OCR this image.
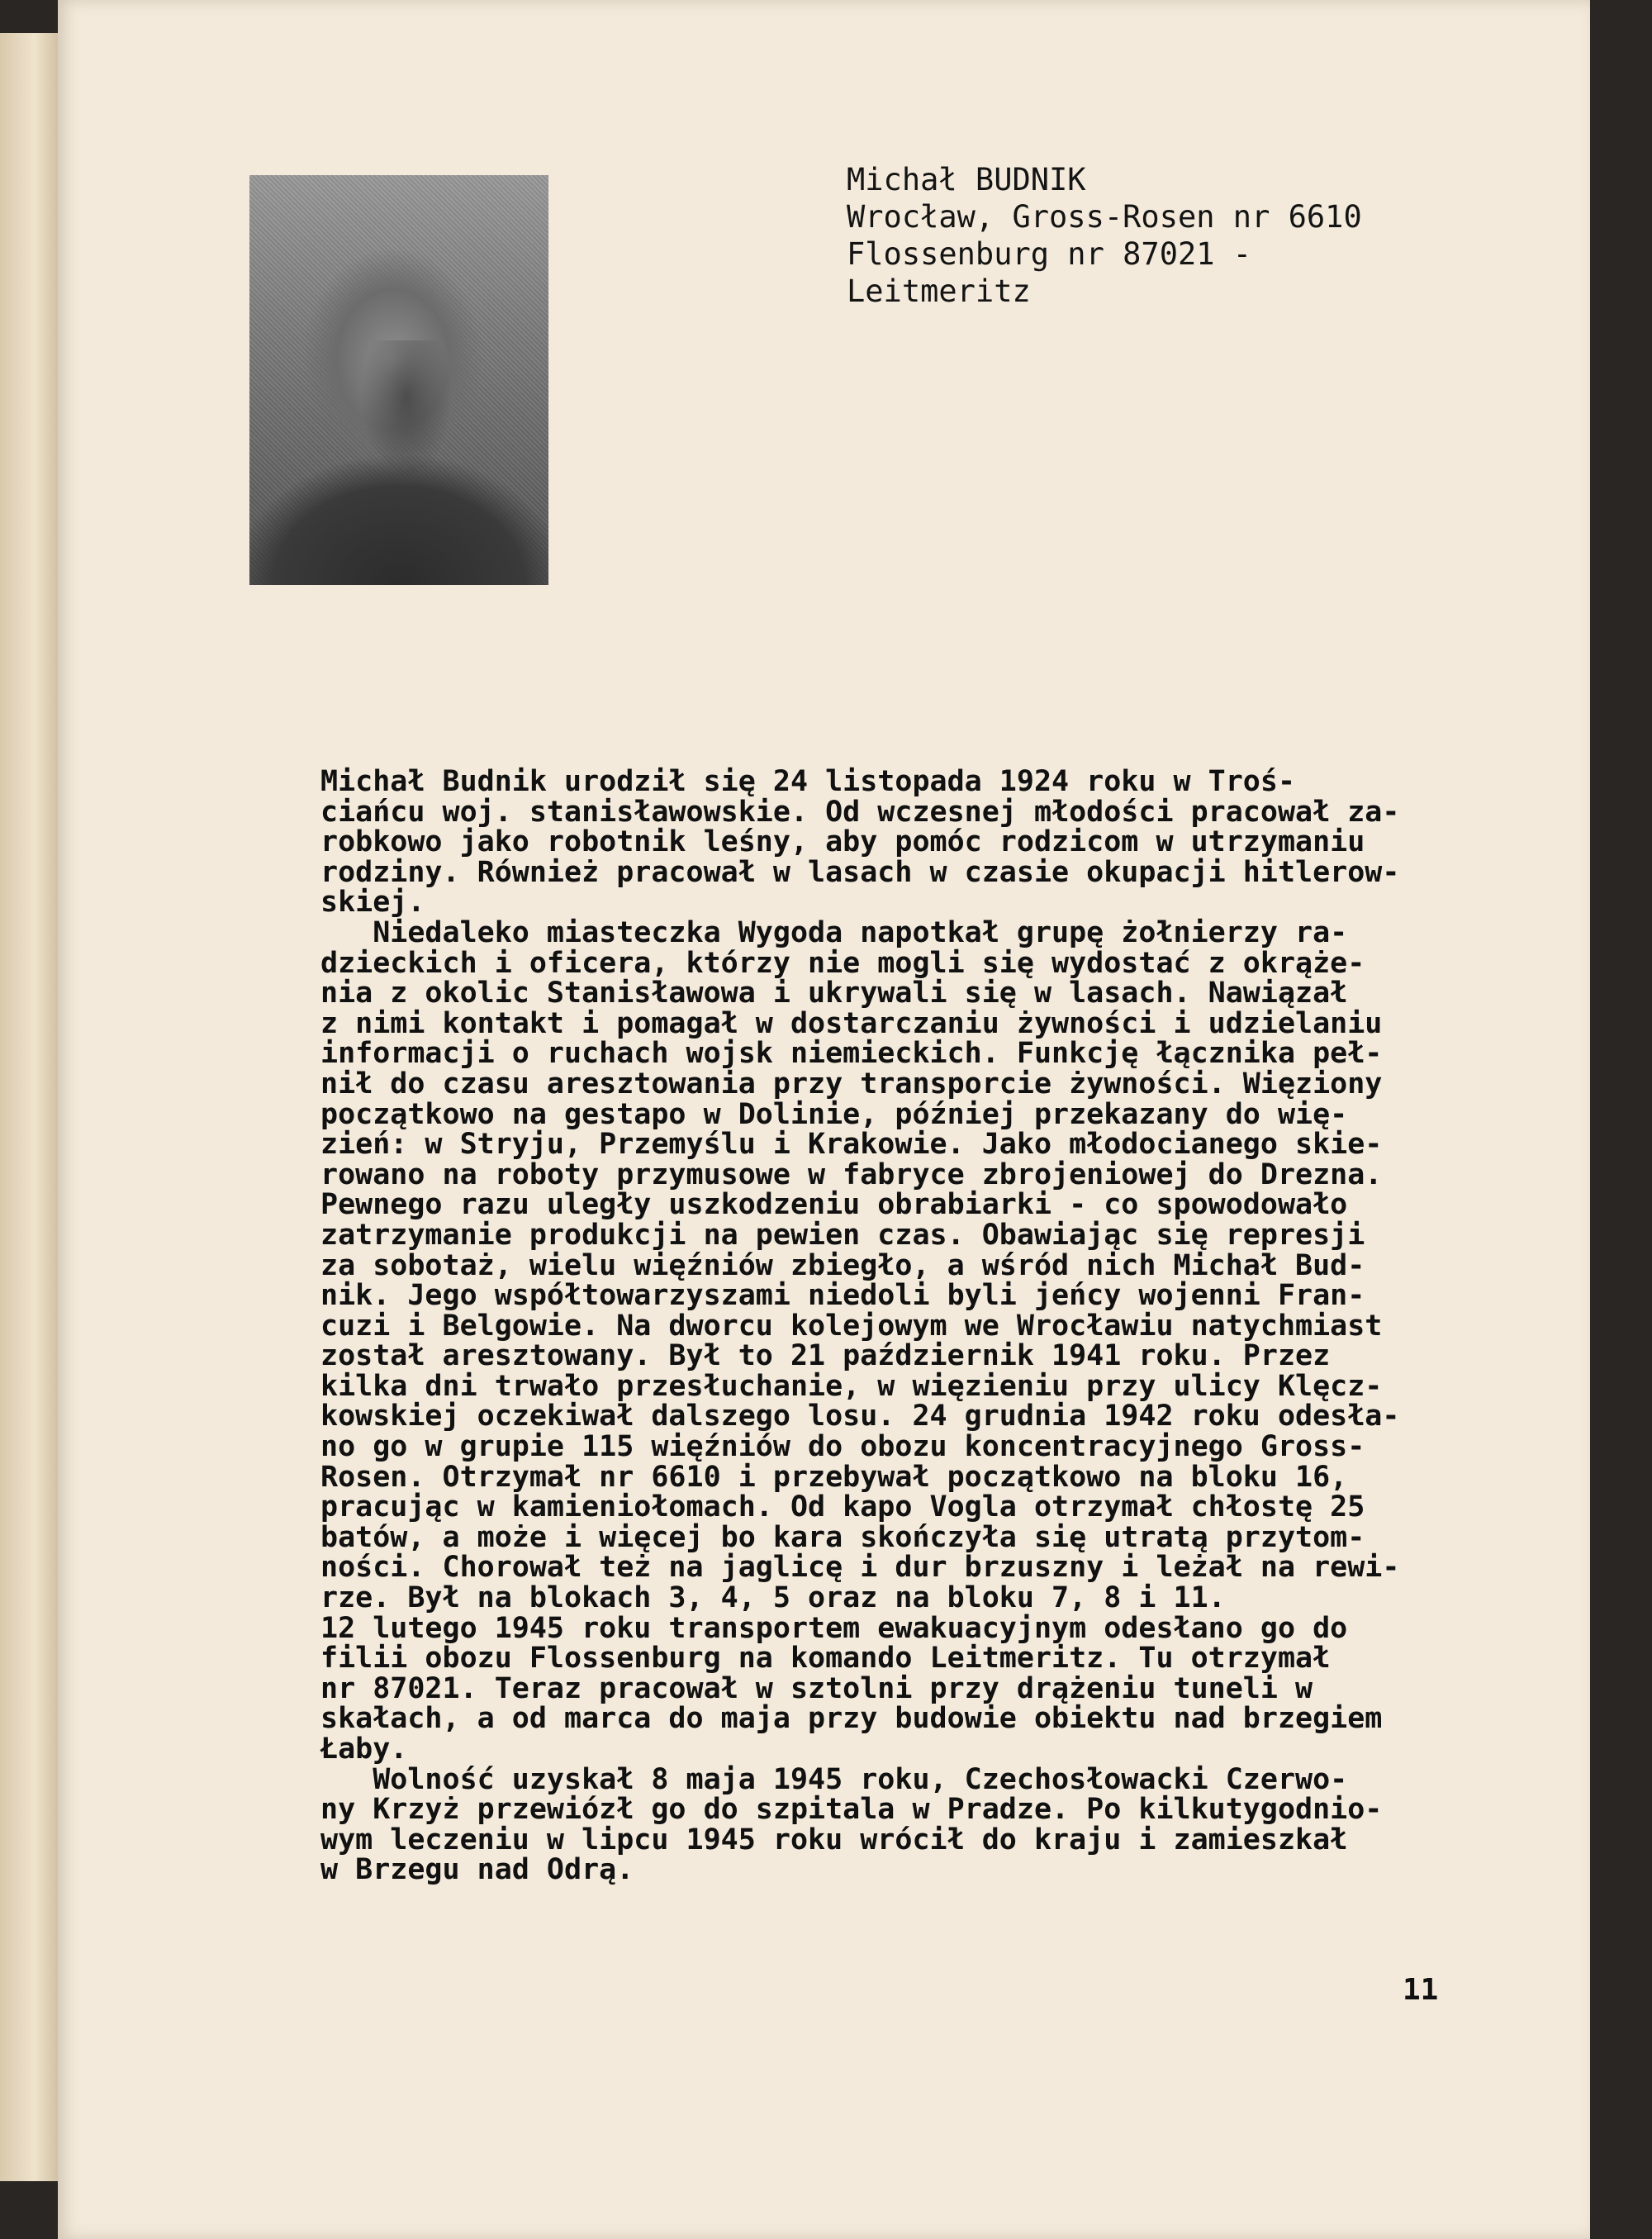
Michał BUDNIK
Wrocław, Gross-Rosen nr 6610
Flossenburg nr 87021 -
Leitmeritz
Michał Budnik urodził się 24 listopada 1924 roku w Troś-
ciańcu woj. stanisławowskie. Od wczesnej młodości pracował za-
robkowo jako robotnik leśny, aby pomóc rodzicom w utrzymaniu
rodziny. Również pracował w lasach w czasie okupacji hitlerow-
skiej.
Niedaleko miasteczka Wygoda napotkał grupę żołnierzy ra-
dzieckich i oficera, którzy nie mogli się wydostać z okrąże-
nia z okolic Stanisławowa i ukrywali się w lasach. Nawiązał
z nimi kontakt i pomagał w dostarczaniu żywności i udzielaniu
informacji o ruchach wojsk niemieckich. Funkcję łącznika peł-
nił do czasu aresztowania przy transporcie żywności. Więziony
początkowo na gestapo w Dolinie, później przekazany do wię-
zień: w Stryju, Przemyślu i Krakowie. Jako młodocianego skie-
rowano na roboty przymusowe w fabryce zbrojeniowej do Drezna.
Pewnego razu uległy uszkodzeniu obrabiarki - co spowodowało
zatrzymanie produkcji na pewien czas. Obawiając się represji
za sobotaż, wielu więźniów zbiegło, a wśród nich Michał Bud-
nik. Jego współtowarzyszami niedoli byli jeńcy wojenni Fran-
cuzi i Belgowie. Na dworcu kolejowym we Wrocławiu natychmiast
został aresztowany. Był to 21 październik 1941 roku. Przez
kilka dni trwało przesłuchanie, w więzieniu przy ulicy Klęcz-
kowskiej oczekiwał dalszego losu. 24 grudnia 1942 roku odesła-
no go w grupie 115 więźniów do obozu koncentracyjnego Gross-
Rosen. Otrzymał nr 6610 i przebywał początkowo na bloku 16,
pracując w kamieniołomach. Od kapo Vogla otrzymał chłostę 25
batów, a może i więcej bo kara skończyła się utratą przytom-
ności. Chorował też na jaglicę i dur brzuszny i leżał na rewi-
rze. Był na blokach 3, 4, 5 oraz na bloku 7, 8 i 11.
12 lutego 1945 roku transportem ewakuacyjnym odesłano go do
filii obozu Flossenburg na komando Leitmeritz. Tu otrzymał
nr 87021. Teraz pracował w sztolni przy drążeniu tuneli w
skałach, a od marca do maja przy budowie obiektu nad brzegiem
Łaby.
Wolność uzyskał 8 maja 1945 roku, Czechosłowacki Czerwo-
ny Krzyż przewiózł go do szpitala w Pradze. Po kilkutygodnio-
wym leczeniu w lipcu 1945 roku wrócił do kraju i zamieszkał
w Brzegu nad Odrą.
11
